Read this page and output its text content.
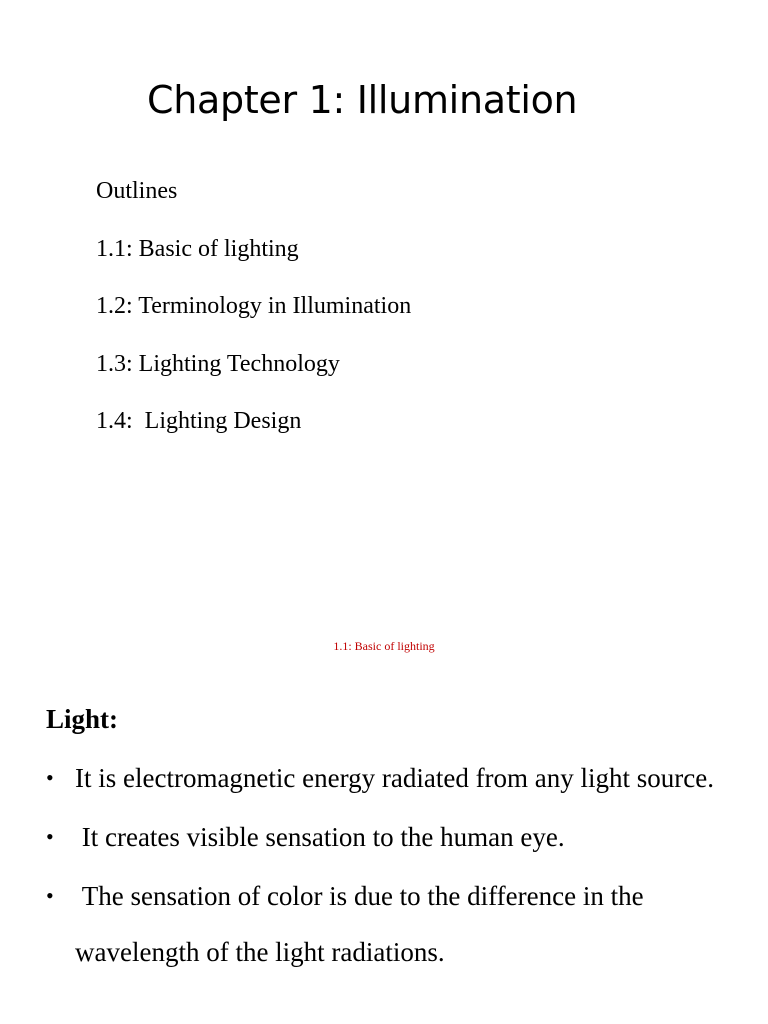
Chapter 1: Illumination
Outlines
1.1: Basic of lighting
1.2: Terminology in Illumination
1.3: Lighting Technology
1.4:  Lighting Design
1.1: Basic of lighting
Light:
• It is electromagnetic energy radiated from any light source.
• It creates visible sensation to the human eye.
• The sensation of color is due to the difference in the wavelength of the light radiations.
